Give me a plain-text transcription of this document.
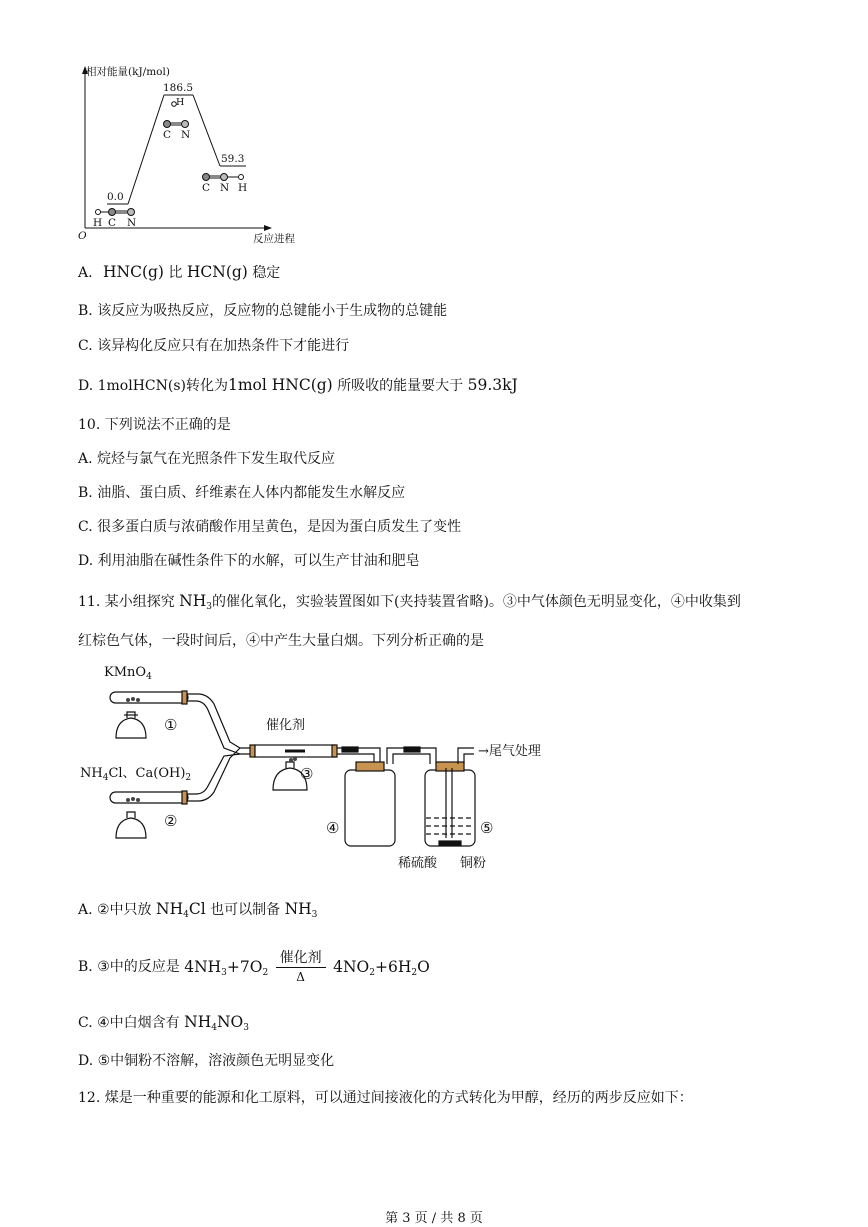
相对能量(kJ/mol)
O	反应进程
0.0
186.5
59.3
H C N
H
C N
C N H
A. HNC(g) 比 HCN(g) 稳定
B. 该反应为吸热反应，反应物的总键能小于生成物的总键能
C. 该异构化反应只有在加热条件下才能进行
D. 1molHCN(s)转化为1mol HNC(g) 所吸收的能量要大于 59.3kJ
10. 下列说法不正确的是
A. 烷烃与氯气在光照条件下发生取代反应
B. 油脂、蛋白质、纤维素在人体内都能发生水解反应
C. 很多蛋白质与浓硝酸作用呈黄色，是因为蛋白质发生了变性
D. 利用油脂在碱性条件下的水解，可以生产甘油和肥皂
11. 某小组探究 $NH_3$的催化氧化，实验装置图如下(夹持装置省略)。③中气体颜色无明显变化，④中收集到
红棕色气体，一段时间后，④中产生大量白烟。下列分析正确的是
KMnO$_4$
$NH_4Cl$、$Ca(OH)_2$
催化剂
①
②
③
④	⑤
→尾气处理
稀硫酸 铜粉
A. ②中只放 $NH_4Cl$ 也可以制备 $NH_3$
B. ③中的反应是 $4NH_3+7O_2 \frac{\text{催化剂}}{\Delta} 4NO_2+6H_2O$
C. ④中白烟含有 $NH_4NO_3$
D. ⑤中铜粉不溶解，溶液颜色无明显变化
12. 煤是一种重要的能源和化工原料，可以通过间接液化的方式转化为甲醇，经历的两步反应如下：
第 3 页 / 共 8 页
